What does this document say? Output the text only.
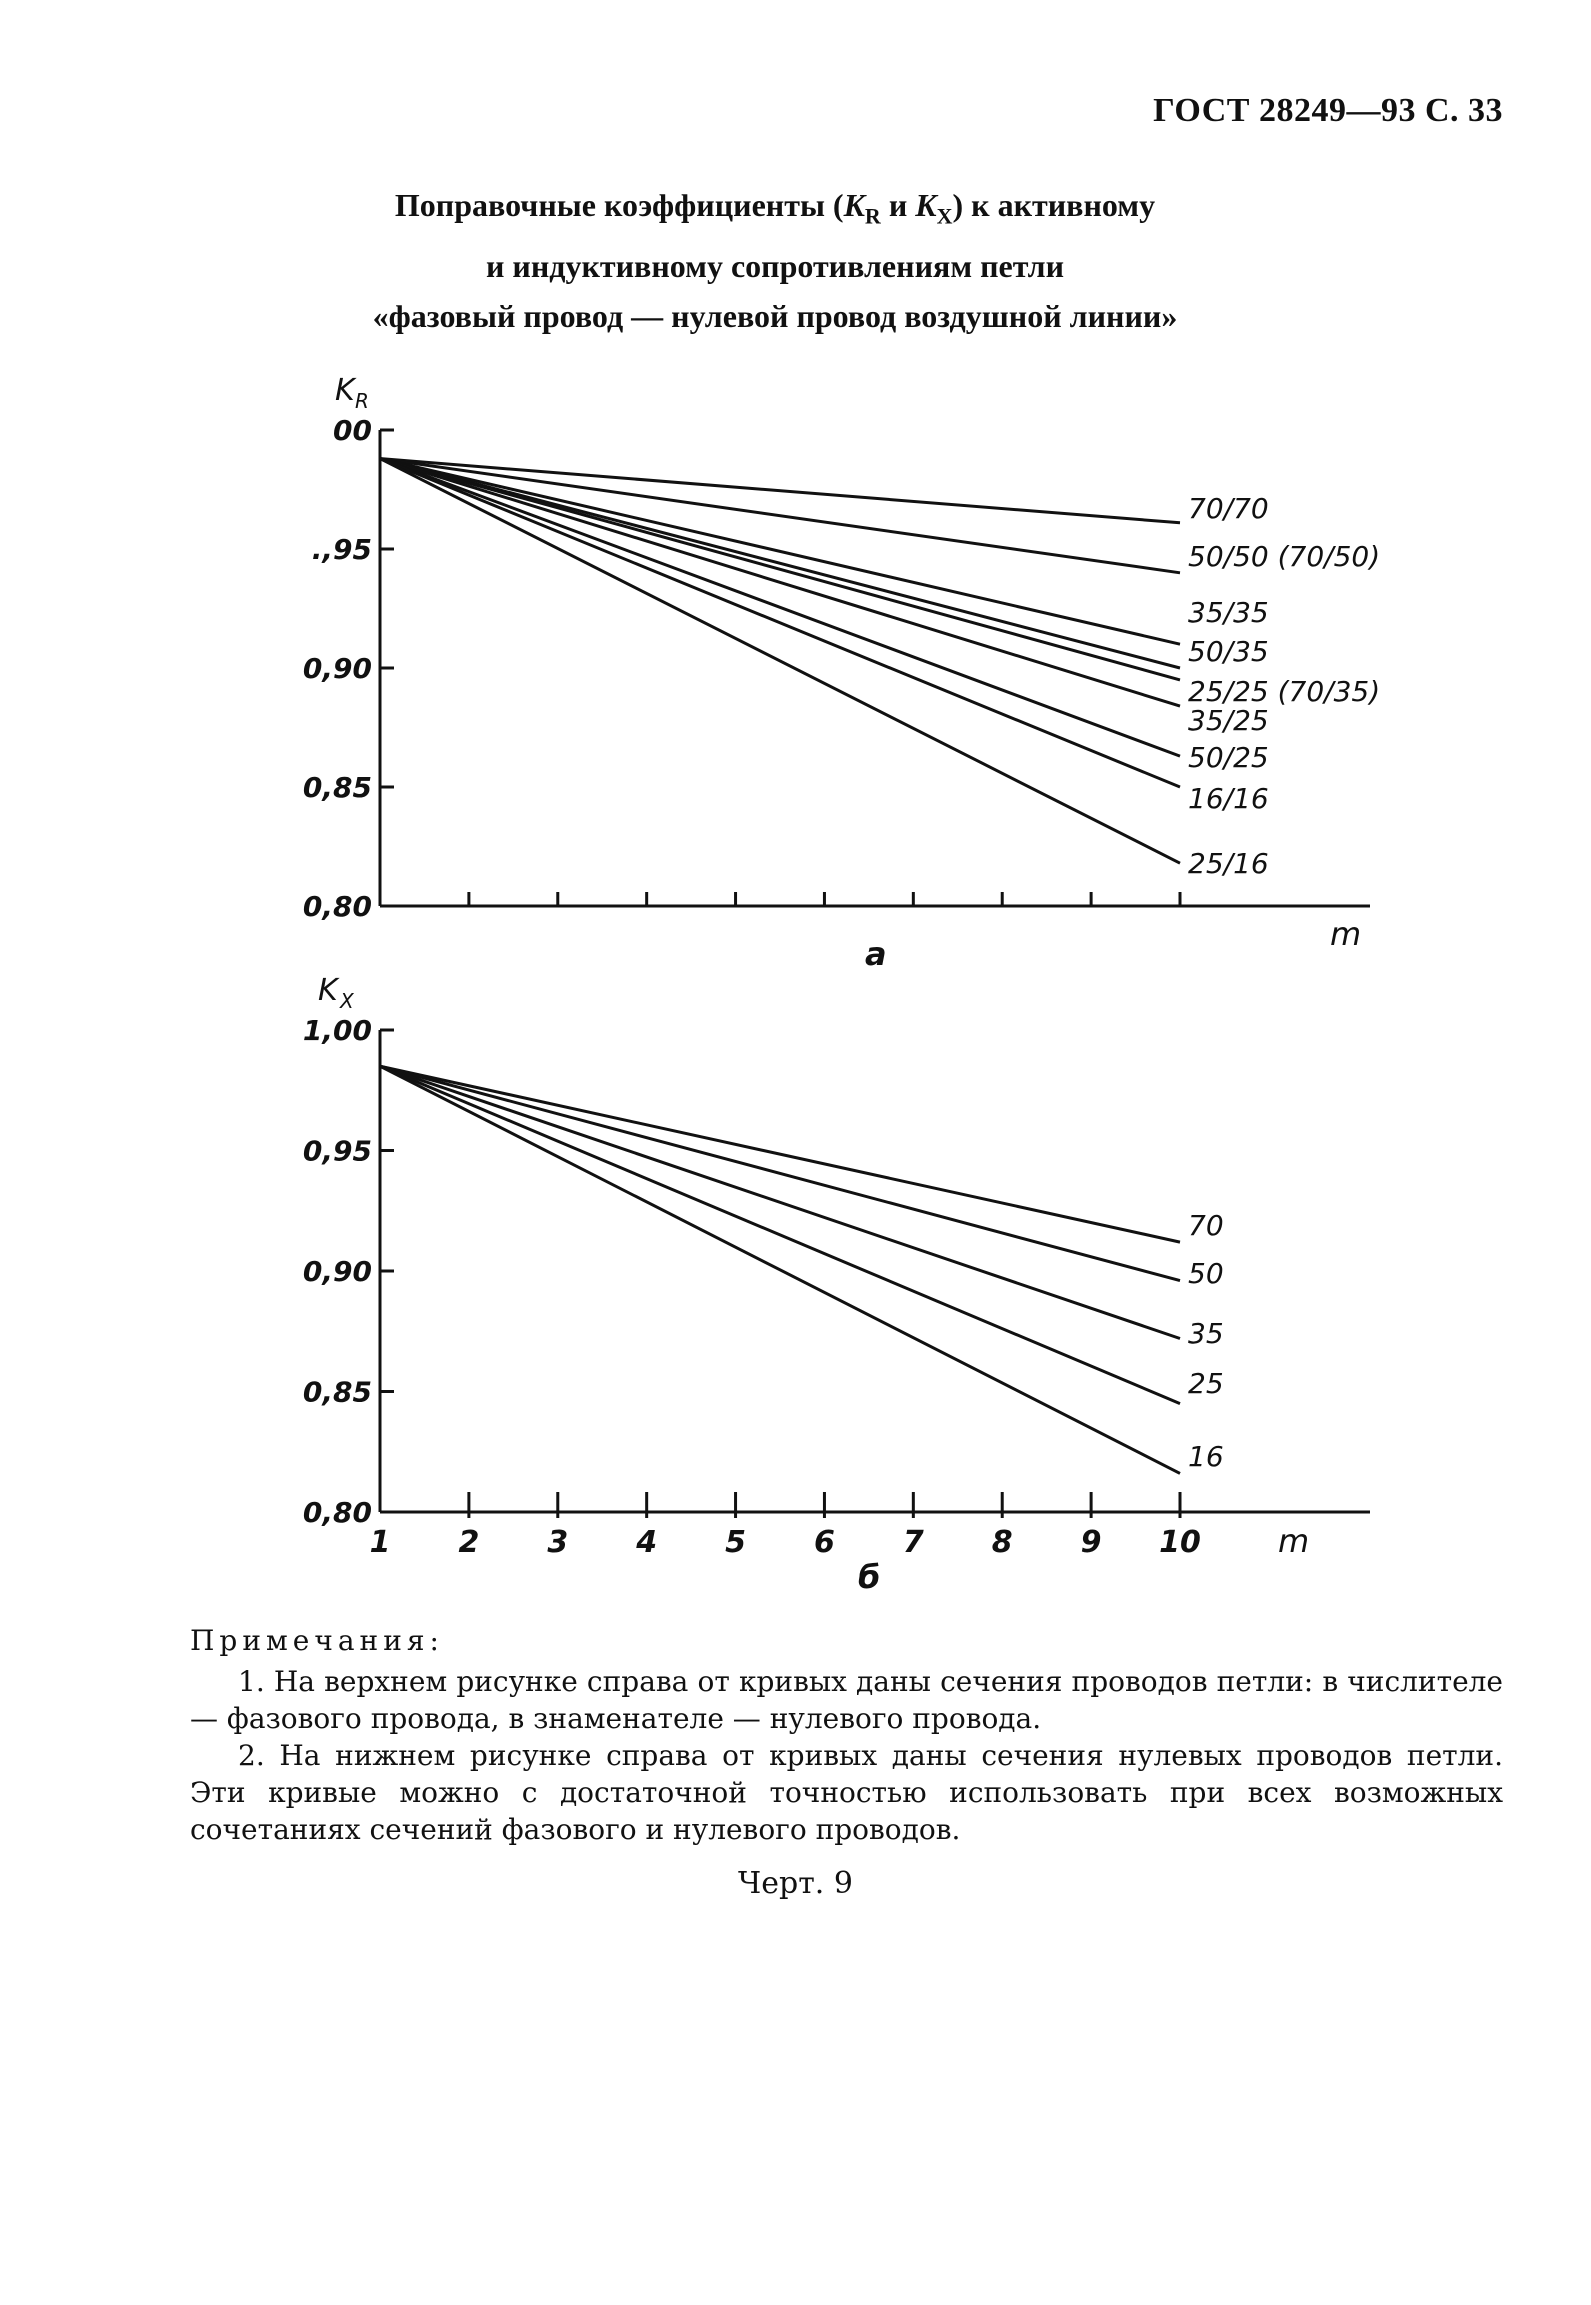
ГОСТ 28249—93 С. 33
Поправочные коэффициенты ($K_R$ и $K_X$) к активному
и индуктивному сопротивлениям петли
«фазовый провод — нулевой провод воздушной линии»
00
.,95
0,90
0,85
0,80
K R
m
a
70/70
50/50 (70/50)
35/35
50/35
25/25 (70/35)
35/25
50/25
16/16
25/16
1,00
0,95
0,90
0,85
0,80
1 2 3 4 5 6 7 8 9 10
K X
m
б
70
50
35
25
16
Примечания:

1. На верхнем рисунке справа от кривых даны сечения проводов петли: в числителе — фазового провода, в знаменателе — нулевого провода.

2. На нижнем рисунке справа от кривых даны сечения нулевых проводов петли. Эти кривые можно с достаточной точностью использовать при всех возможных сочетаниях сечений фазового и нулевого проводов.

Черт. 9
